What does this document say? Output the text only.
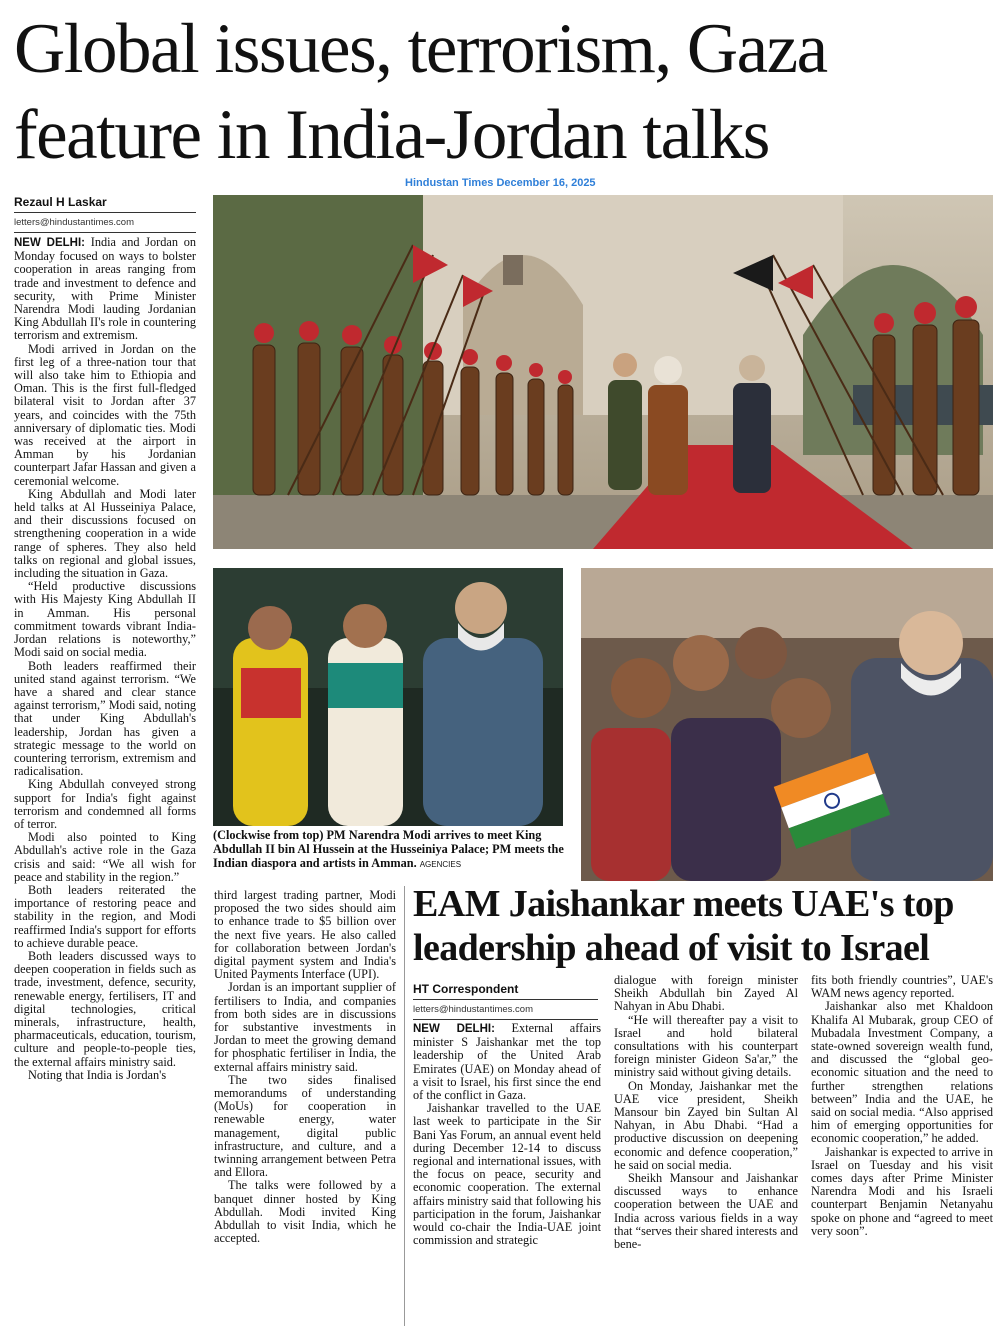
Global issues, terrorism, Gaza feature in India-Jordan talks
Hindustan Times December 16, 2025
Rezaul H Laskar
letters@hindustantimes.com

NEW DELHI: India and Jordan on Monday focused on ways to bolster cooperation in areas ranging from trade and investment to defence and security, with Prime Minister Narendra Modi lauding Jordanian King Abdullah II's role in countering terrorism and extremism.

Modi arrived in Jordan on the first leg of a three-nation tour that will also take him to Ethiopia and Oman. This is the first full-fledged bilateral visit to Jordan after 37 years, and coincides with the 75th anniversary of diplomatic ties. Modi was received at the airport in Amman by his Jordanian counterpart Jafar Hassan and given a ceremonial welcome.

King Abdullah and Modi later held talks at Al Husseiniya Palace, and their discussions focused on strengthening cooperation in a wide range of spheres. They also held talks on regional and global issues, including the situation in Gaza.

“Held productive discussions with His Majesty King Abdullah II in Amman. His personal commitment towards vibrant India-Jordan relations is noteworthy,” Modi said on social media.

Both leaders reaffirmed their united stand against terrorism. “We have a shared and clear stance against terrorism,” Modi said, noting that under King Abdullah's leadership, Jordan has given a strategic message to the world on countering terrorism, extremism and radicalisation.

King Abdullah conveyed strong support for India's fight against terrorism and condemned all forms of terror.

Modi also pointed to King Abdullah's active role in the Gaza crisis and said: “We all wish for peace and stability in the region.”

Both leaders reiterated the importance of restoring peace and stability in the region, and Modi reaffirmed India's support for efforts to achieve durable peace.

Both leaders discussed ways to deepen cooperation in fields such as trade, investment, defence, security, renewable energy, fertilisers, IT and digital technologies, critical minerals, infrastructure, health, pharmaceuticals, education, tourism, culture and people-to-people ties, the external affairs ministry said.

Noting that India is Jordan's

(Clockwise from top) PM Narendra Modi arrives to meet King Abdullah II bin Al Hussein at the Husseiniya Palace; PM meets the Indian diaspora and artists in Amman. AGENCIES

third largest trading partner, Modi proposed the two sides should aim to enhance trade to $5 billion over the next five years. He also called for collaboration between Jordan's digital payment system and India's United Payments Interface (UPI).

Jordan is an important supplier of fertilisers to India, and companies from both sides are in discussions for substantive investments in Jordan to meet the growing demand for phosphatic fertiliser in India, the external affairs ministry said.

The two sides finalised memorandums of understanding (MoUs) for cooperation in renewable energy, water management, digital public infrastructure, and culture, and a twinning arrangement between Petra and Ellora.

The talks were followed by a banquet dinner hosted by King Abdullah. Modi invited King Abdullah to visit India, which he accepted.

EAM Jaishankar meets UAE's top leadership ahead of visit to Israel
HT Correspondent
letters@hindustantimes.com

NEW DELHI: External affairs minister S Jaishankar met the top leadership of the United Arab Emirates (UAE) on Monday ahead of a visit to Israel, his first since the end of the conflict in Gaza.

Jaishankar travelled to the UAE last week to participate in the Sir Bani Yas Forum, an annual event held during December 12-14 to discuss regional and international issues, with the focus on peace, security and economic cooperation. The external affairs ministry said that following his participation in the forum, Jaishankar would co-chair the India-UAE joint commission and strategic

dialogue with foreign minister Sheikh Abdullah bin Zayed Al Nahyan in Abu Dhabi.

“He will thereafter pay a visit to Israel and hold bilateral consultations with his counterpart foreign minister Gideon Sa'ar,” the ministry said without giving details.

On Monday, Jaishankar met the UAE vice president, Sheikh Mansour bin Zayed bin Sultan Al Nahyan, in Abu Dhabi. “Had a productive discussion on deepening economic and defence cooperation,” he said on social media.

Sheikh Mansour and Jaishankar discussed ways to enhance cooperation between the UAE and India across various fields in a way that “serves their shared interests and bene-

fits both friendly countries”, UAE's WAM news agency reported.

Jaishankar also met Khaldoon Khalifa Al Mubarak, group CEO of Mubadala Investment Company, a state-owned sovereign wealth fund, and discussed the “global geo-economic situation and the need to further strengthen relations between” India and the UAE, he said on social media. “Also apprised him of emerging opportunities for economic cooperation,” he added.

Jaishankar is expected to arrive in Israel on Tuesday and his visit comes days after Prime Minister Narendra Modi and his Israeli counterpart Benjamin Netanyahu spoke on phone and “agreed to meet very soon”.
